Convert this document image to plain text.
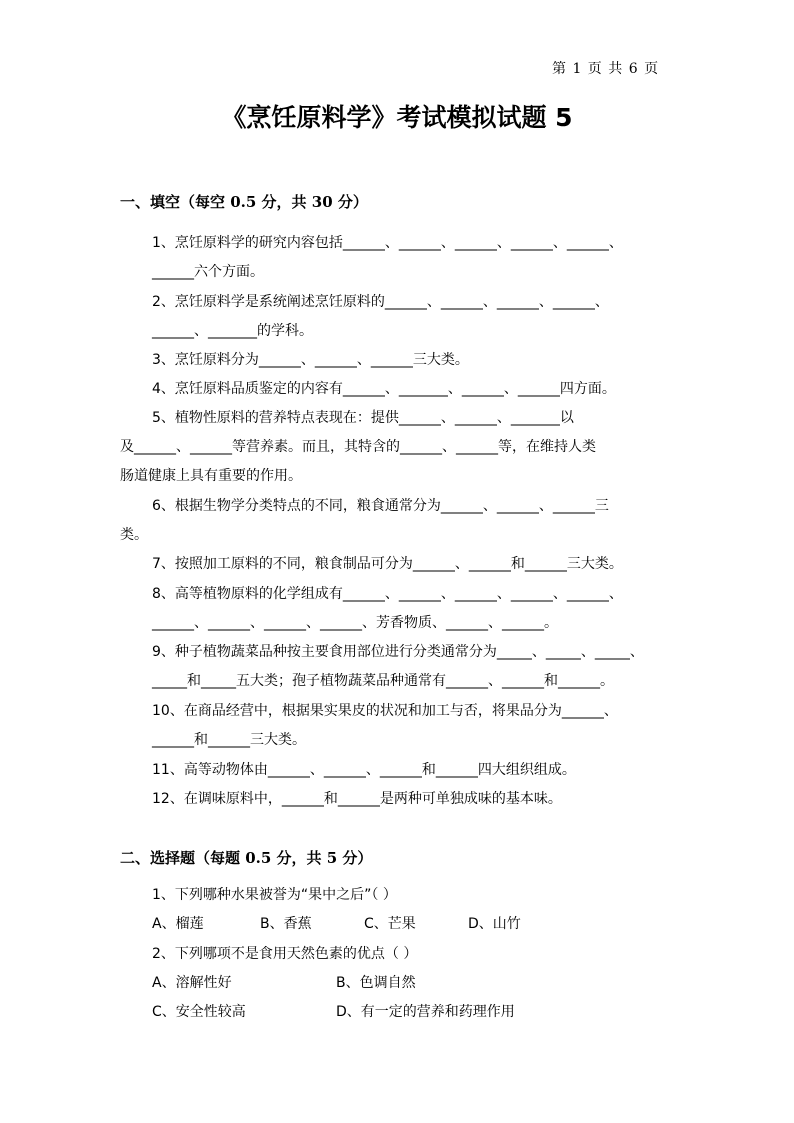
第 1 页 共 6 页
《烹饪原料学》考试模拟试题 5
一、填空（每空 0.5 分，共 30 分）
1、烹饪原料学的研究内容包括______、______、______、______、______、
______六个方面。
2、烹饪原料学是系统阐述烹饪原料的______、______、______、______、
______、_______的学科。
3、烹饪原料分为______、______、______三大类。
4、烹饪原料品质鉴定的内容有______、_______、______、______四方面。
5、植物性原料的营养特点表现在：提供______、______、_______以
及______、______等营养素。而且，其特含的______、______等，在维持人类
肠道健康上具有重要的作用。
6、根据生物学分类特点的不同，粮食通常分为______、______、______三
类。
7、按照加工原料的不同，粮食制品可分为______、______和______三大类。
8、高等植物原料的化学组成有______、______、______、______、______、
______、______、______、______、芳香物质、______、______。
9、种子植物蔬菜品种按主要食用部位进行分类通常分为_____、_____、_____、
_____和_____五大类；孢子植物蔬菜品种通常有______、______和______。
10、在商品经营中，根据果实果皮的状况和加工与否，将果品分为______、
______和______三大类。
11、高等动物体由______、______、______和______四大组织组成。
12、在调味原料中，______和______是两种可单独成味的基本味。
二、选择题（每题 0.5 分，共 5 分）
1、下列哪种水果被誉为“果中之后”（ ）
A、榴莲	B、香蕉	C、芒果	D、山竹
2、下列哪项不是食用天然色素的优点（ ）
A、溶解性好	B、色调自然
C、安全性较高	D、有一定的营养和药理作用
